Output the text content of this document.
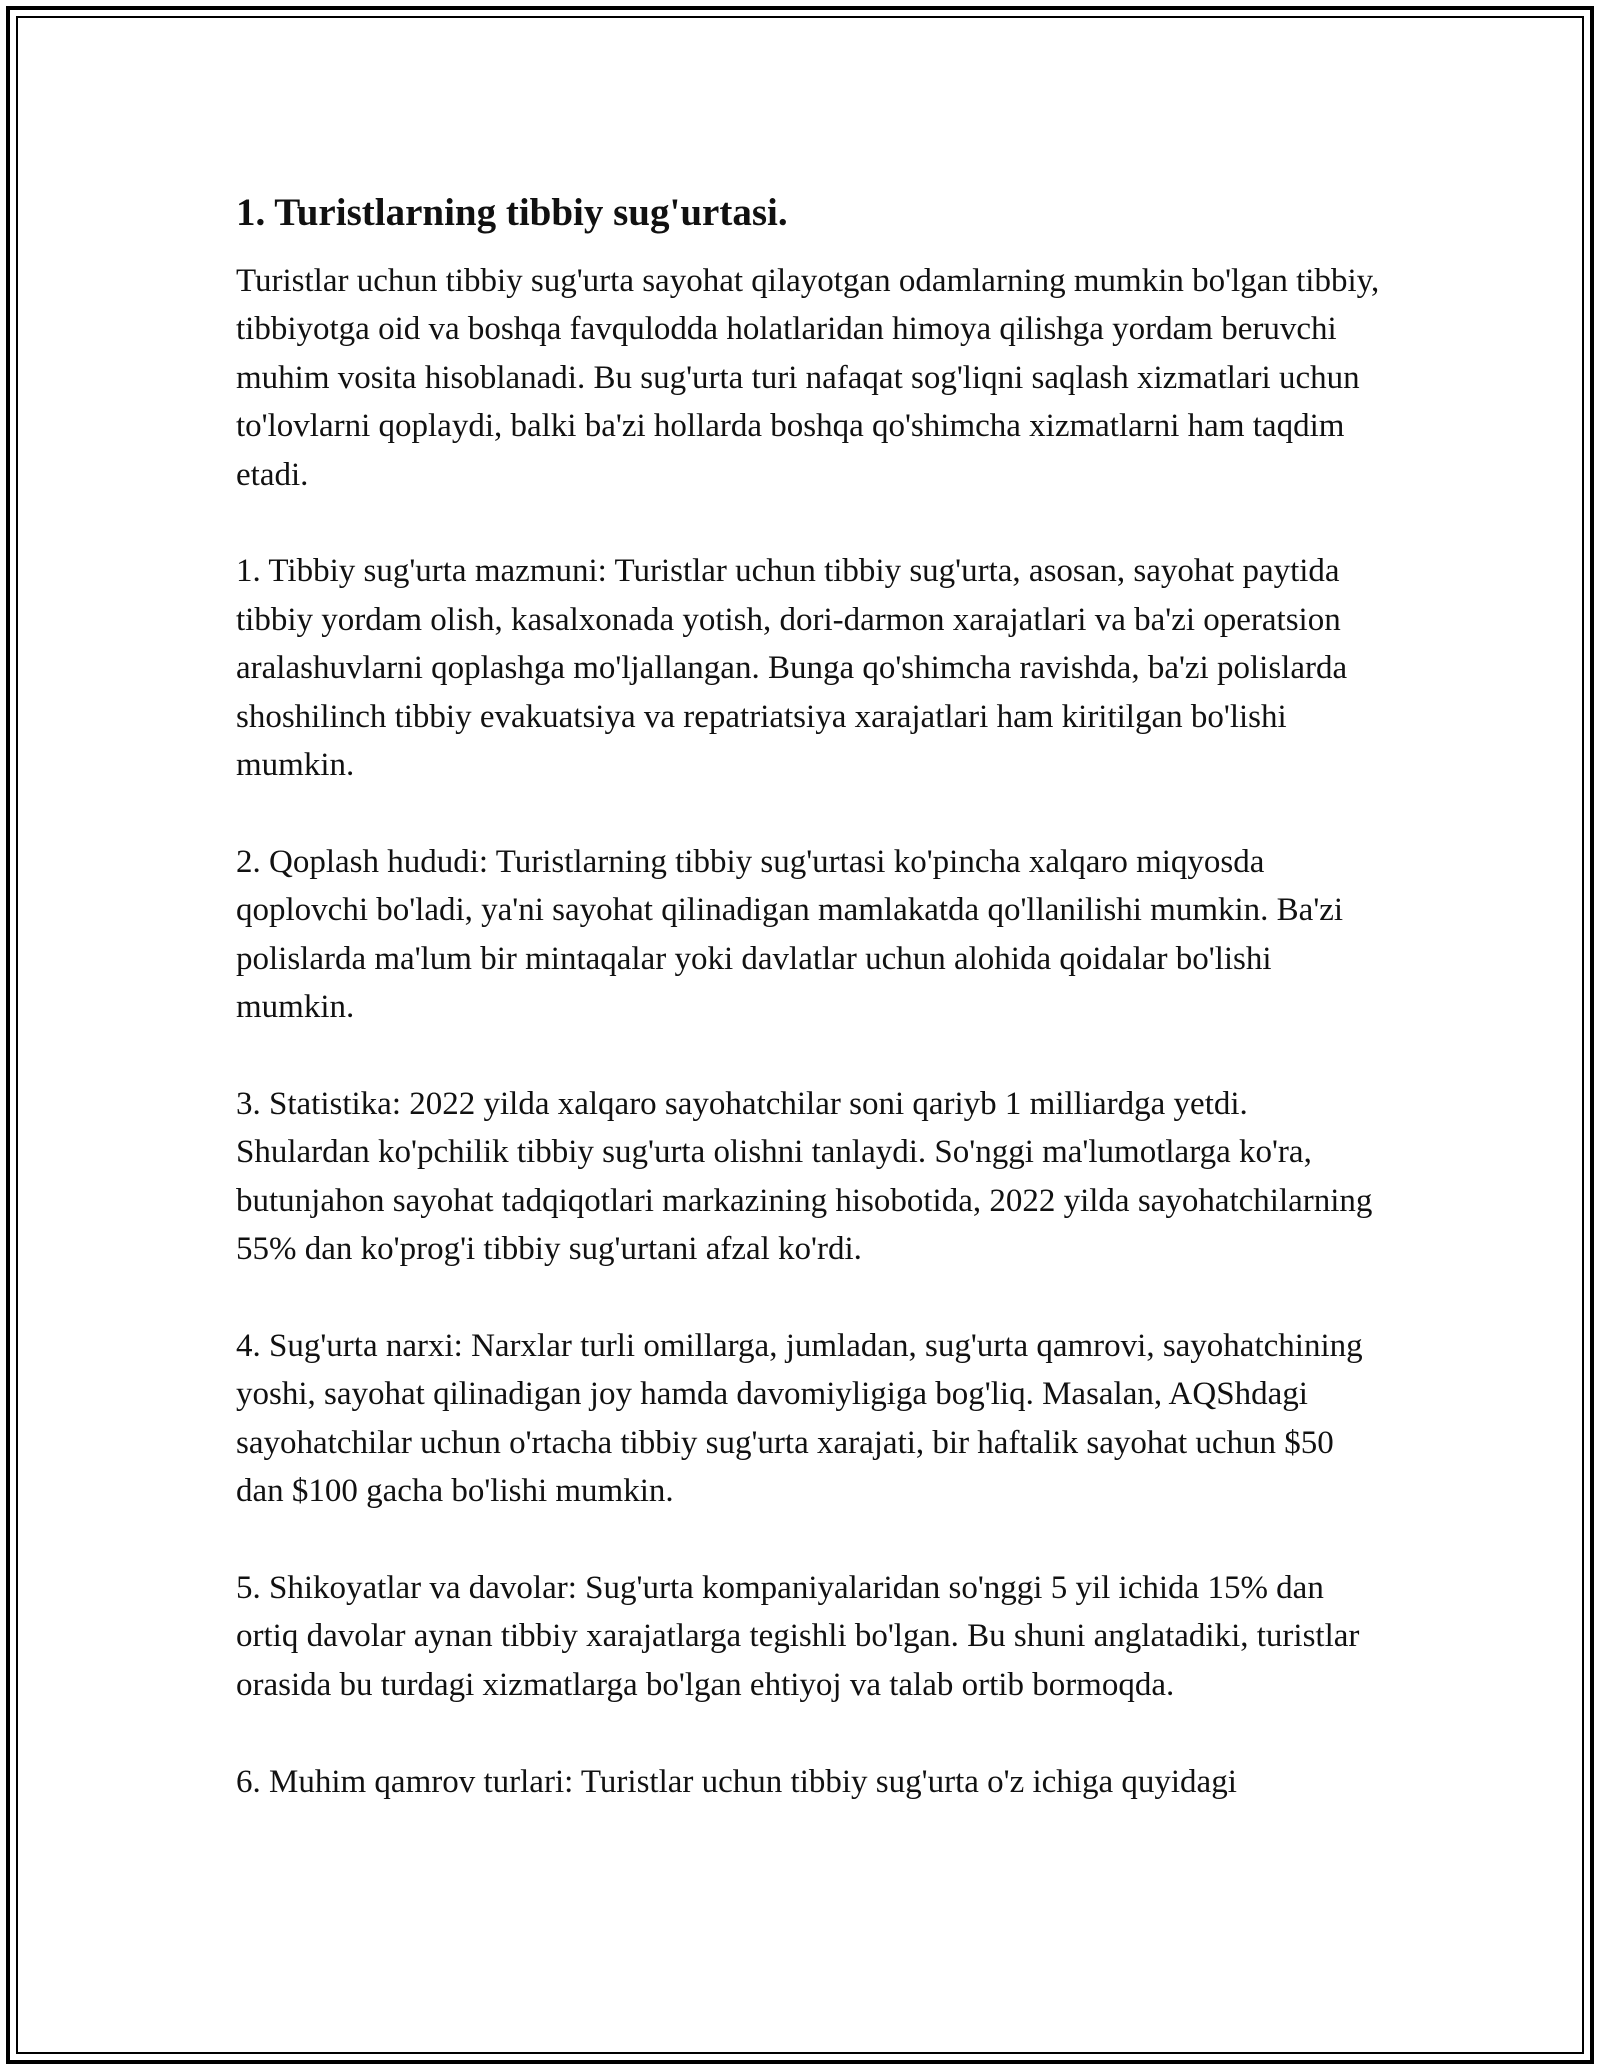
1. Turistlarning tibbiy sug'urtasi.
Turistlar uchun tibbiy sug'urta sayohat qilayotgan odamlarning mumkin bo'lgan tibbiy, tibbiyotga oid va boshqa favqulodda holatlaridan himoya qilishga yordam beruvchi muhim vosita hisoblanadi. Bu sug'urta turi nafaqat sog'liqni saqlash xizmatlari uchun to'lovlarni qoplaydi, balki ba'zi hollarda boshqa qo'shimcha xizmatlarni ham taqdim etadi.
1. Tibbiy sug'urta mazmuni: Turistlar uchun tibbiy sug'urta, asosan, sayohat paytida tibbiy yordam olish, kasalxonada yotish, dori-darmon xarajatlari va ba'zi operatsion aralashuvlarni qoplashga mo'ljallangan. Bunga qo'shimcha ravishda, ba'zi polislarda shoshilinch tibbiy evakuatsiya va repatriatsiya xarajatlari ham kiritilgan bo'lishi mumkin.
2. Qoplash hududi: Turistlarning tibbiy sug'urtasi ko'pincha xalqaro miqyosda qoplovchi bo'ladi, ya'ni sayohat qilinadigan mamlakatda qo'llanilishi mumkin. Ba'zi polislarda ma'lum bir mintaqalar yoki davlatlar uchun alohida qoidalar bo'lishi mumkin.
3. Statistika: 2022 yilda xalqaro sayohatchilar soni qariyb 1 milliardga yetdi. Shulardan ko'pchilik tibbiy sug'urta olishni tanlaydi. So'nggi ma'lumotlarga ko'ra, butunjahon sayohat tadqiqotlari markazining hisobotida, 2022 yilda sayohatchilarning 55% dan ko'prog'i tibbiy sug'urtani afzal ko'rdi.
4. Sug'urta narxi: Narxlar turli omillarga, jumladan, sug'urta qamrovi, sayohatchining yoshi, sayohat qilinadigan joy hamda davomiyligiga bog'liq. Masalan, AQShdagi sayohatchilar uchun o'rtacha tibbiy sug'urta xarajati, bir haftalik sayohat uchun $50 dan $100 gacha bo'lishi mumkin.
5. Shikoyatlar va davolar: Sug'urta kompaniyalaridan so'nggi 5 yil ichida 15% dan ortiq davolar aynan tibbiy xarajatlarga tegishli bo'lgan. Bu shuni anglatadiki, turistlar orasida bu turdagi xizmatlarga bo'lgan ehtiyoj va talab ortib bormoqda.
6. Muhim qamrov turlari: Turistlar uchun tibbiy sug'urta o'z ichiga quyidagi
